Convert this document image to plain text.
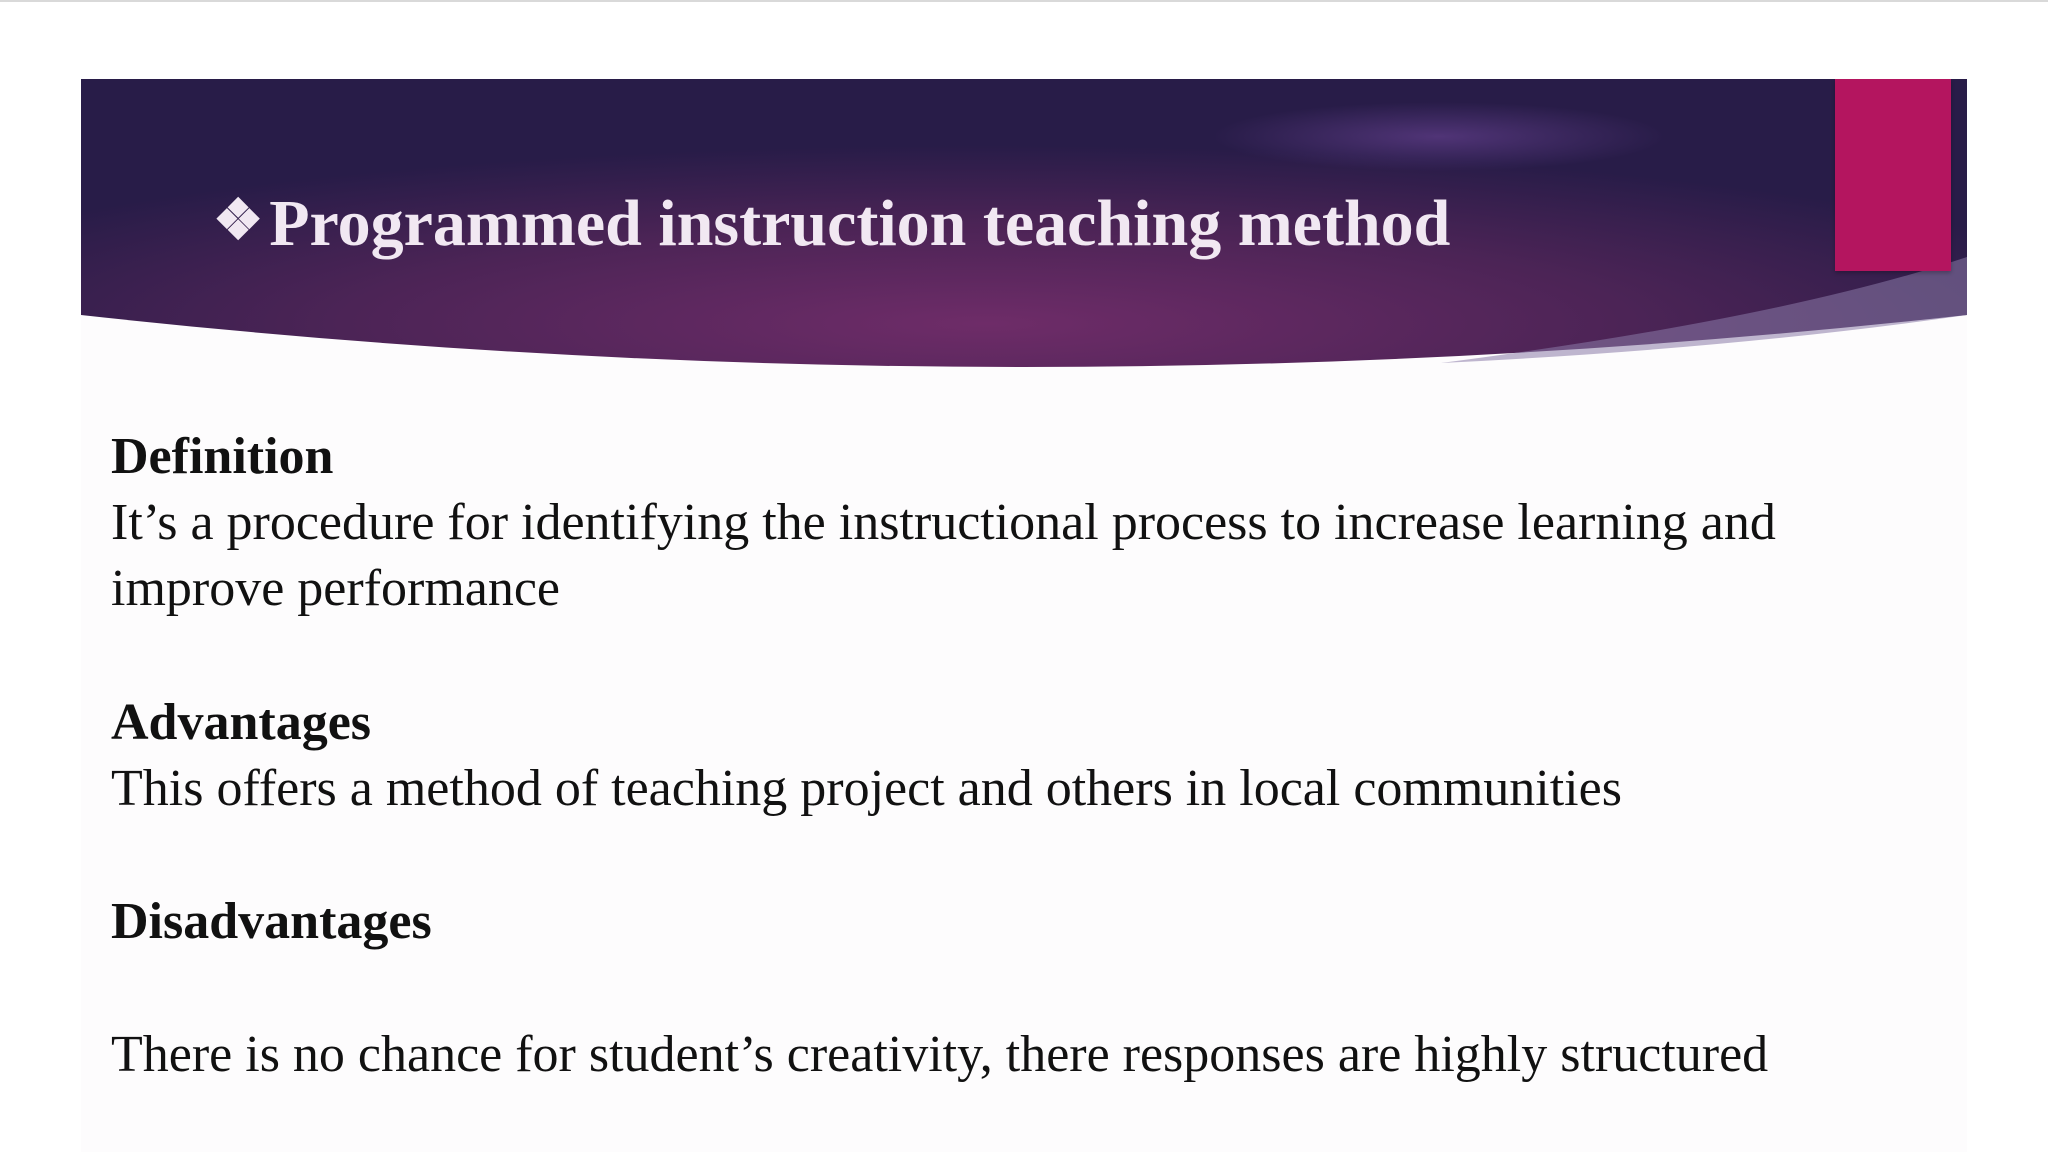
❖Programmed instruction teaching method
Definition
It’s a procedure for identifying the instructional process to increase learning and
improve performance
Advantages
This offers a method of teaching project and others in local communities
Disadvantages
There is no chance for student’s creativity, there responses are highly structured
